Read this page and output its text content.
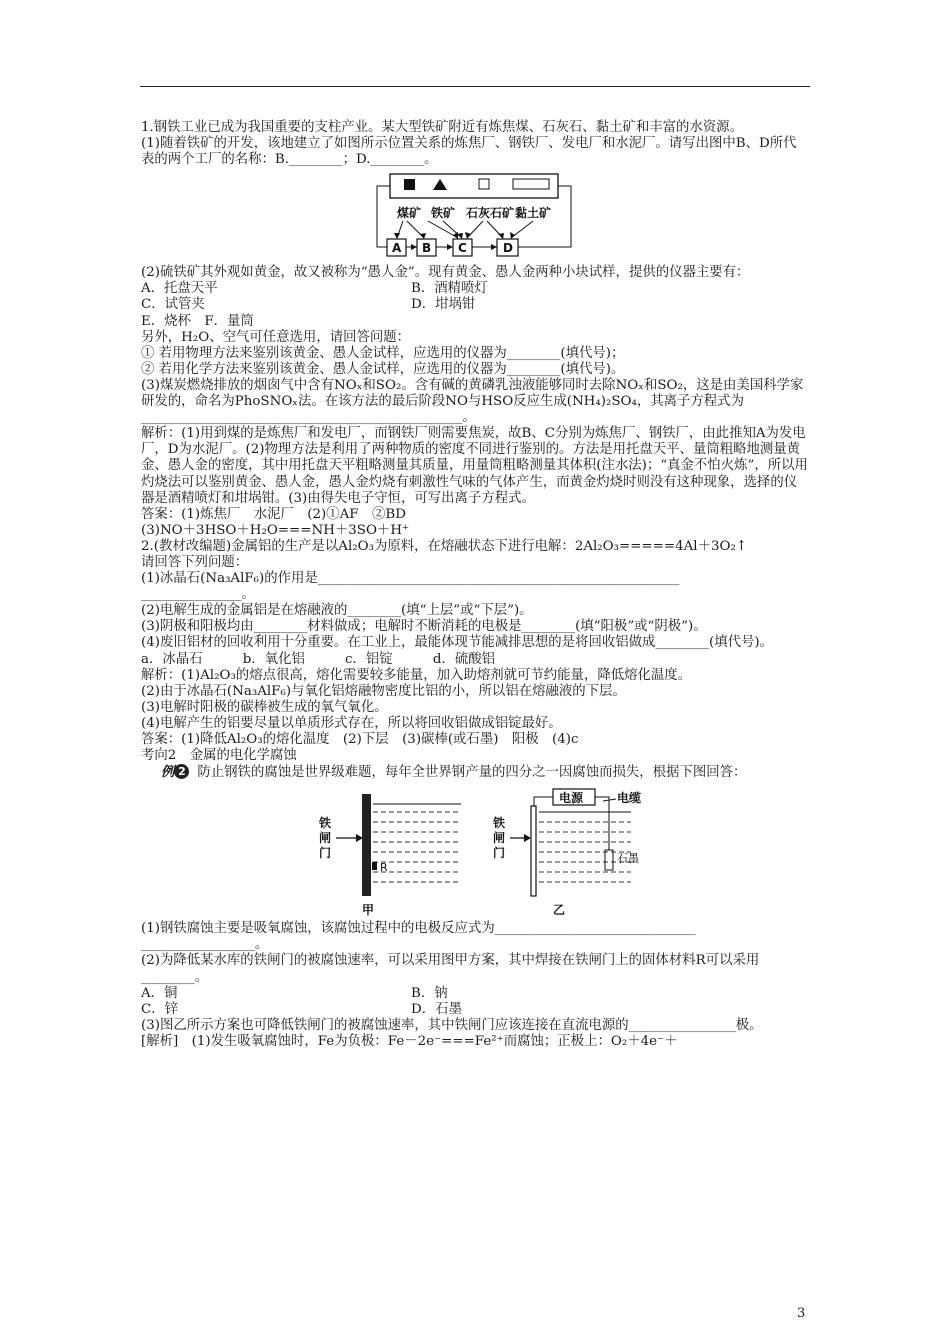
1.钢铁工业已成为我国重要的支柱产业。某大型铁矿附近有炼焦煤、石灰石、黏土矿和丰富的水资源。

(1)随着铁矿的开发，该地建立了如图所示位置关系的炼焦厂、钢铁厂、发电厂和水泥厂。请写出图中B、D所代表的两个工厂的名称：B.________；D.________。

煤矿 铁矿 石灰石矿 黏土矿
A B C	D

(2)硫铁矿其外观如黄金，故又被称为“愚人金”。现有黄金、愚人金两种小块试样，提供的仪器主要有：

A．托盘天平	B．酒精喷灯
C．试管夹	D．坩埚钳

E．烧杯　F．量筒

另外，H₂O、空气可任意选用，请回答问题：

① 若用物理方法来鉴别该黄金、愚人金试样，应选用的仪器为________(填代号)；

② 若用化学方法来鉴别该黄金、愚人金试样，应选用的仪器为________(填代号)。

(3)煤炭燃烧排放的烟囱气中含有NOₓ和SO₂。含有碱的黄磷乳浊液能够同时去除NOₓ和SO₂，这是由美国科学家研发的，命名为PhoSNOₓ法。在该方法的最后阶段NO与HSO反应生成(NH₄)₂SO₄，其离子方程式为________________________________________________。

解析：(1)用到煤的是炼焦厂和发电厂，而钢铁厂则需要焦炭，故B、C分别为炼焦厂、钢铁厂，由此推知A为发电厂，D为水泥厂。(2)物理方法是利用了两种物质的密度不同进行鉴别的。方法是用托盘天平、量筒粗略地测量黄金、愚人金的密度，其中用托盘天平粗略测量其质量，用量筒粗略测量其体积(注水法)；“真金不怕火炼”，所以用灼烧法可以鉴别黄金、愚人金，愚人金灼烧有刺激性气味的气体产生，而黄金灼烧时则没有这种现象，选择的仪器是酒精喷灯和坩埚钳。(3)由得失电子守恒，可写出离子方程式。

答案：(1)炼焦厂　水泥厂　(2)①AF　②BD

(3)NO＋3HSO＋H₂O===NH＋3SO＋H⁺

2.(教材改编题)金属铝的生产是以Al₂O₃为原料，在熔融状态下进行电解：2Al₂O₃=====4Al＋3O₂↑

请回答下列问题：

(1)冰晶石(Na₃AlF₆)的作用是______________________________________________________

_______________。

(2)电解生成的金属铝是在熔融液的________(填“上层”或“下层”)。

(3)阴极和阳极均由________材料做成；电解时不断消耗的电极是________(填“阳极”或“阴极”)。

(4)废旧铝材的回收利用十分重要。在工业上，最能体现节能减排思想的是将回收铝做成________(填代号)。

a．冰晶石　　　b．氧化铝　　　c．铝锭　　　d．硫酸铝

解析：(1)Al₂O₃的熔点很高，熔化需要较多能量，加入助熔剂就可节约能量，降低熔化温度。

(2)由于冰晶石(Na₃AlF₆)与氧化铝熔融物密度比铝的小，所以铝在熔融液的下层。

(3)电解时阳极的碳棒被生成的氧气氧化。

(4)电解产生的铝要尽量以单质形式存在，所以将回收铝做成铝锭最好。

答案：(1)降低Al₂O₃的熔化温度　(2)下层　(3)碳棒(或石墨)　阳极　(4)c

考向2　金属的电化学腐蚀

例 2 防止钢铁的腐蚀是世界级难题，每年全世界钢产量的四分之一因腐蚀而损失，根据下图回答：

铁
闸
门
R
甲
铁
闸
门
电源	电缆
石墨
乙

(1)钢铁腐蚀主要是吸氧腐蚀，该腐蚀过程中的电极反应式为______________________________

_________________。

(2)为降低某水库的铁闸门的被腐蚀速率，可以采用图甲方案，其中焊接在铁闸门上的固体材料R可以采用________。

A．铜	B．钠
C．锌	D．石墨

(3)图乙所示方案也可降低铁闸门的被腐蚀速率，其中铁闸门应该连接在直流电源的________________极。

[解析]　(1)发生吸氧腐蚀时，Fe为负极：Fe－2e⁻===Fe²⁺而腐蚀；正极上：O₂＋4e⁻＋

3
